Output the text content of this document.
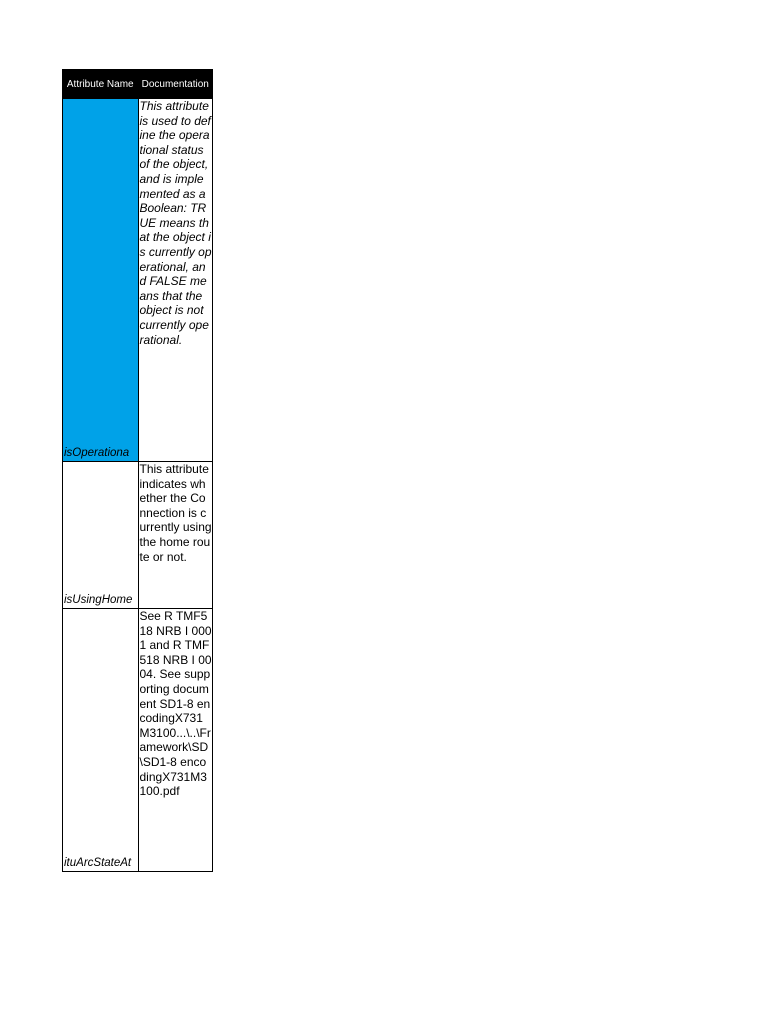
Attribute Name	Documentation

isOperationa	This attribute is used to define the operational status of the object, and is implemented as a Boolean: TRUE means that the object is currently operational, and FALSE means that the object is not currently operational.
isUsingHome	This attribute indicates whether the Connection is currently using the home route or not.
ituArcStateAt	See R TMF518 NRB I 0001 and R TMF518 NRB I 0004. See supporting document SD1-8 encodingX731M3100...\..\Framework\SD\SD1-8 encodingX731M3100.pdf
